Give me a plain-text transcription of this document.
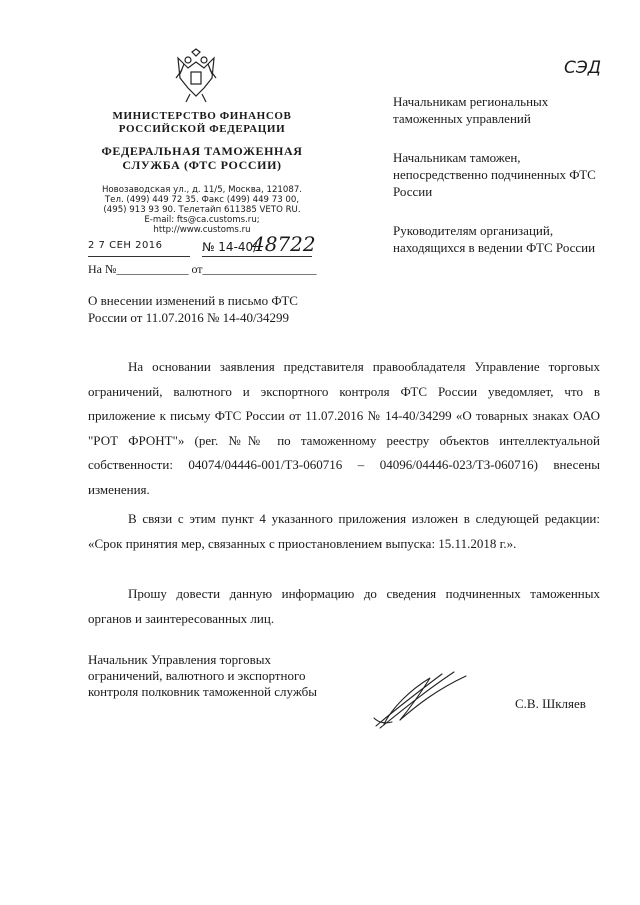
СЭД
МИНИСТЕРСТВО ФИНАНСОВ РОССИЙСКОЙ ФЕДЕРАЦИИ
ФЕДЕРАЛЬНАЯ ТАМОЖЕННАЯ СЛУЖБА (ФТС РОССИИ)
Новозаводская ул., д. 11/5, Москва, 121087. Тел. (499) 449 72 35. Факс (499) 449 73 00, (495) 913 93 90. Телетайп 611385 VETO RU. E-mail: fts@ca.customs.ru; http://www.customs.ru
2 7 СЕН 2016	№ 14-40/
48722
На №____________ от___________________
Начальникам региональных таможенных управлений
Начальникам таможен, непосредственно подчиненных ФТС России
Руководителям организаций, находящихся в ведении ФТС России
О внесении изменений в письмо ФТС России от 11.07.2016 № 14-40/34299
На основании заявления представителя правообладателя Управление торговых ограничений, валютного и экспортного контроля ФТС России уведомляет, что в приложение к письму ФТС России от 11.07.2016 № 14-40/34299 «О товарных знаках ОАО "РОТ ФРОНТ"» (рег. №№ по таможенному реестру объектов интеллектуальной собственности: 04074/04446-001/ТЗ-060716 – 04096/04446-023/ТЗ-060716) внесены изменения.
В связи с этим пункт 4 указанного приложения изложен в следующей редакции: «Срок принятия мер, связанных с приостановлением выпуска: 15.11.2018 г.».
Прошу довести данную информацию до сведения подчиненных таможенных органов и заинтересованных лиц.
Начальник Управления торговых ограничений, валютного и экспортного контроля полковник таможенной службы
С.В. Шкляев
